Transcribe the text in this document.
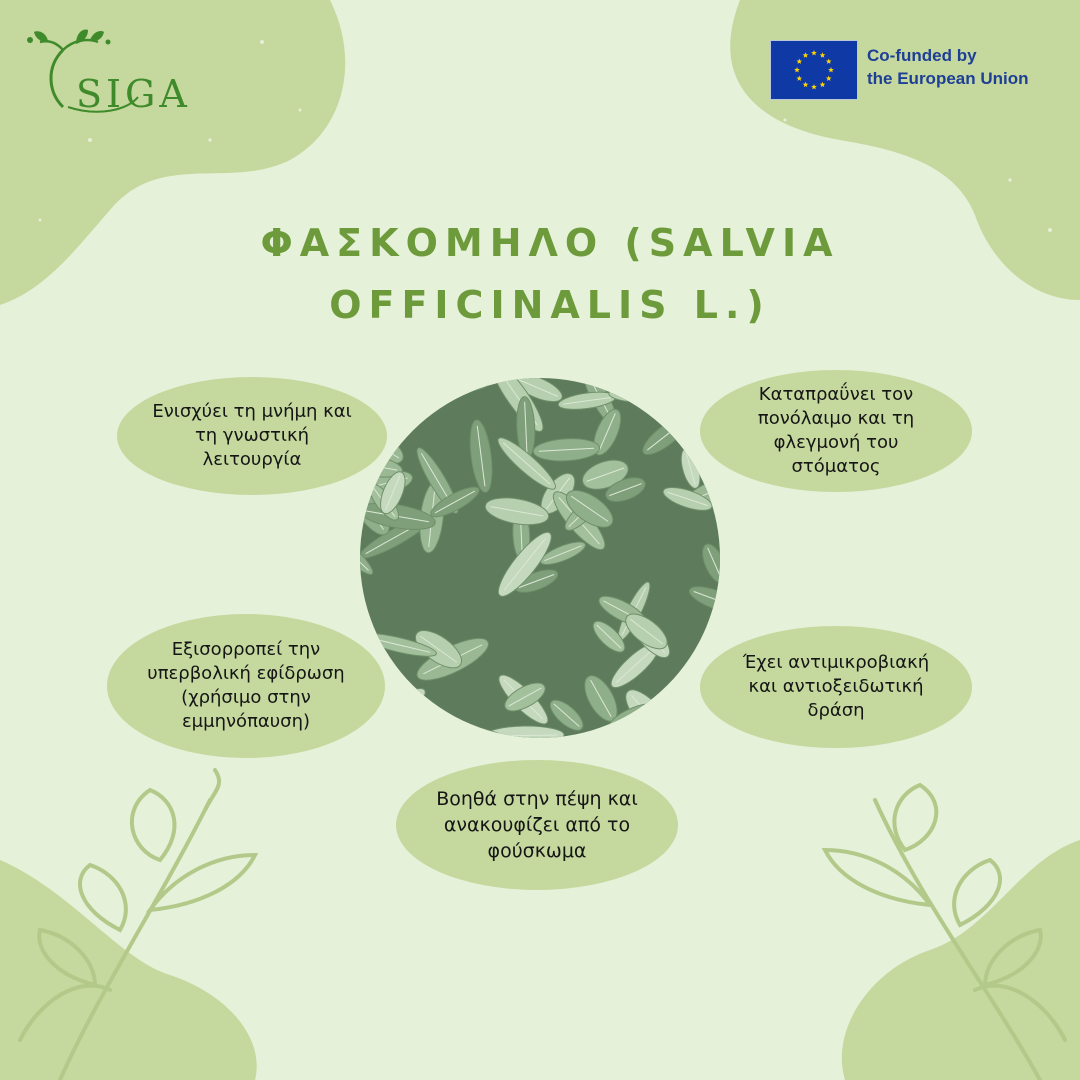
SIGA
Co-funded by
the European Union
ΦΑΣΚΟΜΗΛΟ (SALVIA
OFFICINALIS L.)
Ενισχύει τη μνήμη και
τη γνωστική
λειτουργία
Καταπραΰνει τον
πονόλαιμο και τη
φλεγμονή του
στόματος
Εξισορροπεί την
υπερβολική εφίδρωση
(χρήσιμο στην
εμμηνόπαυση)
Έχει αντιμικροβιακή
και αντιοξειδωτική
δράση
Βοηθά στην πέψη και
ανακουφίζει από το
φούσκωμα
